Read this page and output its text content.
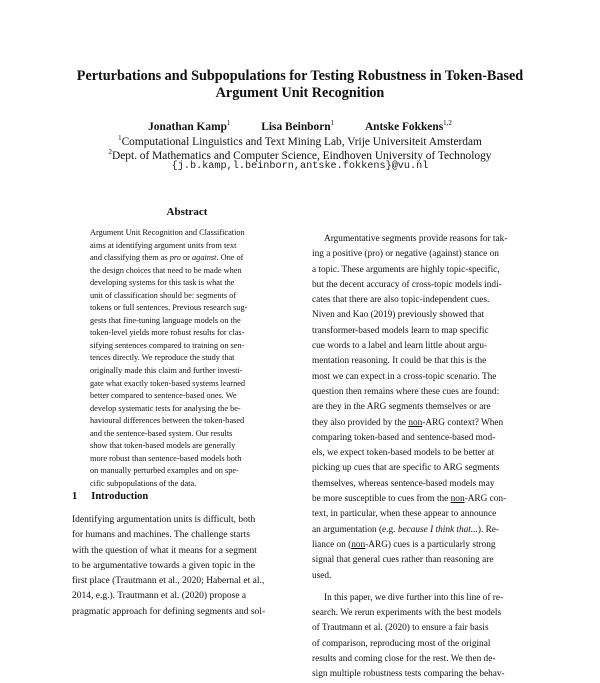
Perturbations and Subpopulations for Testing Robustness in Token-Based
Argument Unit Recognition
Jonathan Kamp$^1$	Lisa Beinborn$^1$	Antske Fokkens$^{1,2}$
$^1$Computational Linguistics and Text Mining Lab, Vrije Universiteit Amsterdam
$^2$Dept. of Mathematics and Computer Science, Eindhoven University of Technology
{j.b.kamp,l.beinborn,antske.fokkens}@vu.nl
Abstract
Argument Unit Recognition and Classification
aims at identifying argument units from text
and classifying them as pro or against. One of
the design choices that need to be made when
developing systems for this task is what the
unit of classification should be: segments of
tokens or full sentences. Previous research sug-
gests that fine-tuning language models on the
token-level yields more robust results for clas-
sifying sentences compared to training on sen-
tences directly. We reproduce the study that
originally made this claim and further investi-
gate what exactly token-based systems learned
better compared to sentence-based ones. We
develop systematic tests for analysing the be-
havioural differences between the token-based
and the sentence-based system. Our results
show that token-based models are generally
more robust than sentence-based models both
on manually perturbed examples and on spe-
cific subpopulations of the data.
1 Introduction
Identifying argumentation units is difficult, both
for humans and machines. The challenge starts
with the question of what it means for a segment
to be argumentative towards a given topic in the
first place (Trautmann et al., 2020; Habernal et al.,
2014, e.g.). Trautmann et al. (2020) propose a
pragmatic approach for defining segments and sol-
Argumentative segments provide reasons for tak-
ing a positive (pro) or negative (against) stance on
a topic. These arguments are highly topic-specific,
but the decent accuracy of cross-topic models indi-
cates that there are also topic-independent cues.
Niven and Kao (2019) previously showed that
transformer-based models learn to map specific
cue words to a label and learn little about argu-
mentation reasoning. It could be that this is the
most we can expect in a cross-topic scenario. The
question then remains where these cues are found:
are they in the ARG segments themselves or are
they also provided by the non-ARG context? When
comparing token-based and sentence-based mod-
els, we expect token-based models to be better at
picking up cues that are specific to ARG segments
themselves, whereas sentence-based models may
be more susceptible to cues from the non-ARG con-
text, in particular, when these appear to announce
an argumentation (e.g. because I think that...). Re-
liance on (non-ARG) cues is a particularly strong
signal that general cues rather than reasoning are
used.
In this paper, we dive further into this line of re-
search. We rerun experiments with the best models
of Trautmann et al. (2020) to ensure a fair basis
of comparison, reproducing most of the original
results and coming close for the rest. We then de-
sign multiple robustness tests comparing the behav-
